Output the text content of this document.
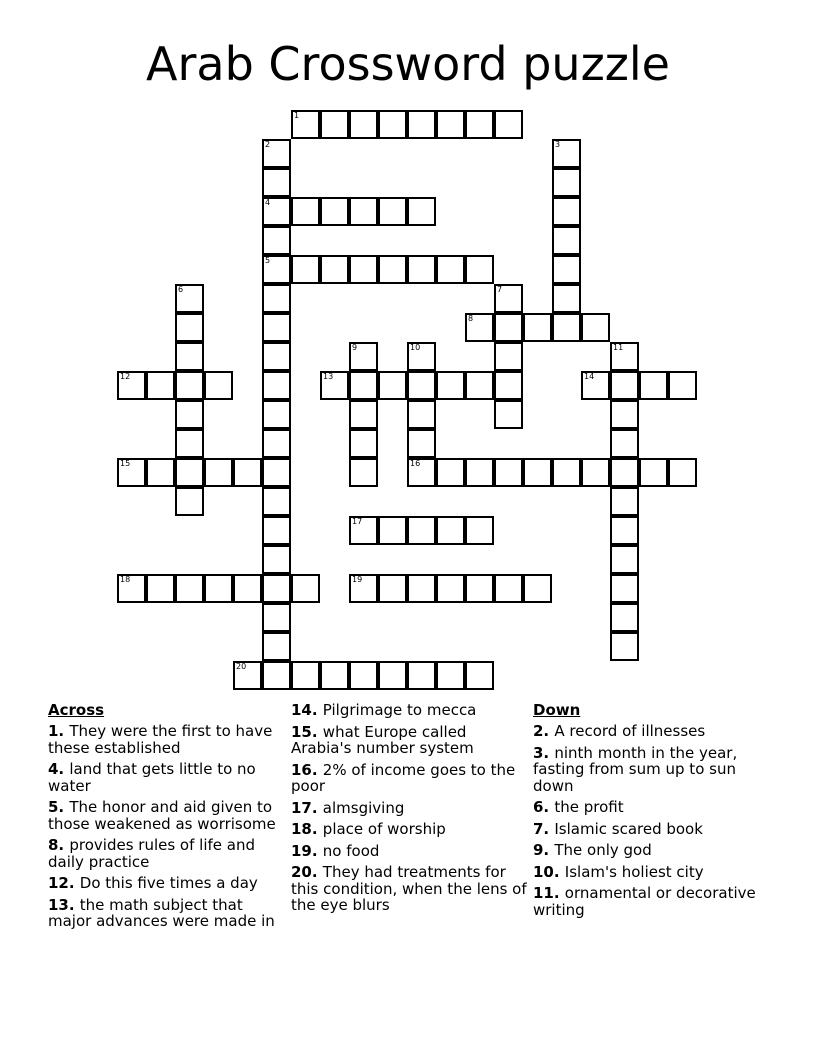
Arab Crossword puzzle
1
2
4
5
3
6	7
8
9	10
16
11
12	13	14
15
17
18	19
20
Across
1. They were the first to have these established
4. land that gets little to no water
5. The honor and aid given to those weakened as worrisome
8. provides rules of life and daily practice
12. Do this five times a day
13. the math subject that major advances were made in
14. Pilgrimage to mecca
15. what Europe called Arabia's number system
16. 2% of income goes to the poor
17. almsgiving
18. place of worship
19. no food
20. They had treatments for this condition, when the lens of the eye blurs
Down
2. A record of illnesses
3. ninth month in the year, fasting from sum up to sun down
6. the profit
7. Islamic scared book
9. The only god
10. Islam's holiest city
11. ornamental or decorative writing
